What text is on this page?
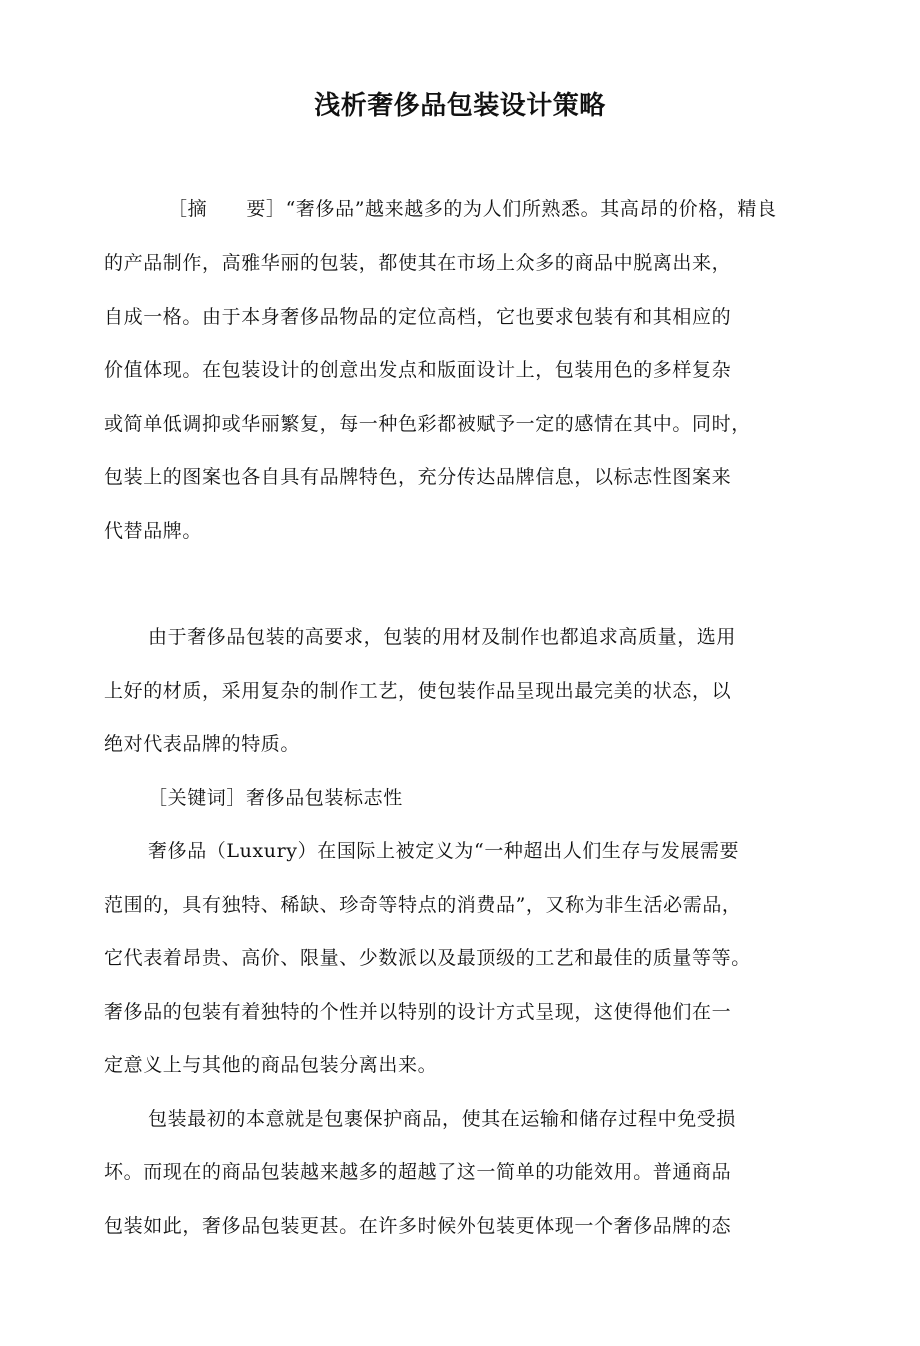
浅析奢侈品包装设计策略
［摘　　要］“奢侈品”越来越多的为人们所熟悉。其高昂的价格，精良
的产品制作，高雅华丽的包装，都使其在市场上众多的商品中脱离出来，
自成一格。由于本身奢侈品物品的定位高档，它也要求包装有和其相应的
价值体现。在包装设计的创意出发点和版面设计上，包装用色的多样复杂
或简单低调抑或华丽繁复，每一种色彩都被赋予一定的感情在其中。同时，
包装上的图案也各自具有品牌特色，充分传达品牌信息，以标志性图案来
代替品牌。
由于奢侈品包装的高要求，包装的用材及制作也都追求高质量，选用
上好的材质，采用复杂的制作工艺，使包装作品呈现出最完美的状态，以
绝对代表品牌的特质。
［关键词］奢侈品包装标志性
奢侈品（Luxury）在国际上被定义为“一种超出人们生存与发展需要
范围的，具有独特、稀缺、珍奇等特点的消费品”，又称为非生活必需品，
它代表着昂贵、高价、限量、少数派以及最顶级的工艺和最佳的质量等等。
奢侈品的包装有着独特的个性并以特别的设计方式呈现，这使得他们在一
定意义上与其他的商品包装分离出来。
包装最初的本意就是包裹保护商品，使其在运输和储存过程中免受损
坏。而现在的商品包装越来越多的超越了这一简单的功能效用。普通商品
包装如此，奢侈品包装更甚。在许多时候外包装更体现一个奢侈品牌的态
